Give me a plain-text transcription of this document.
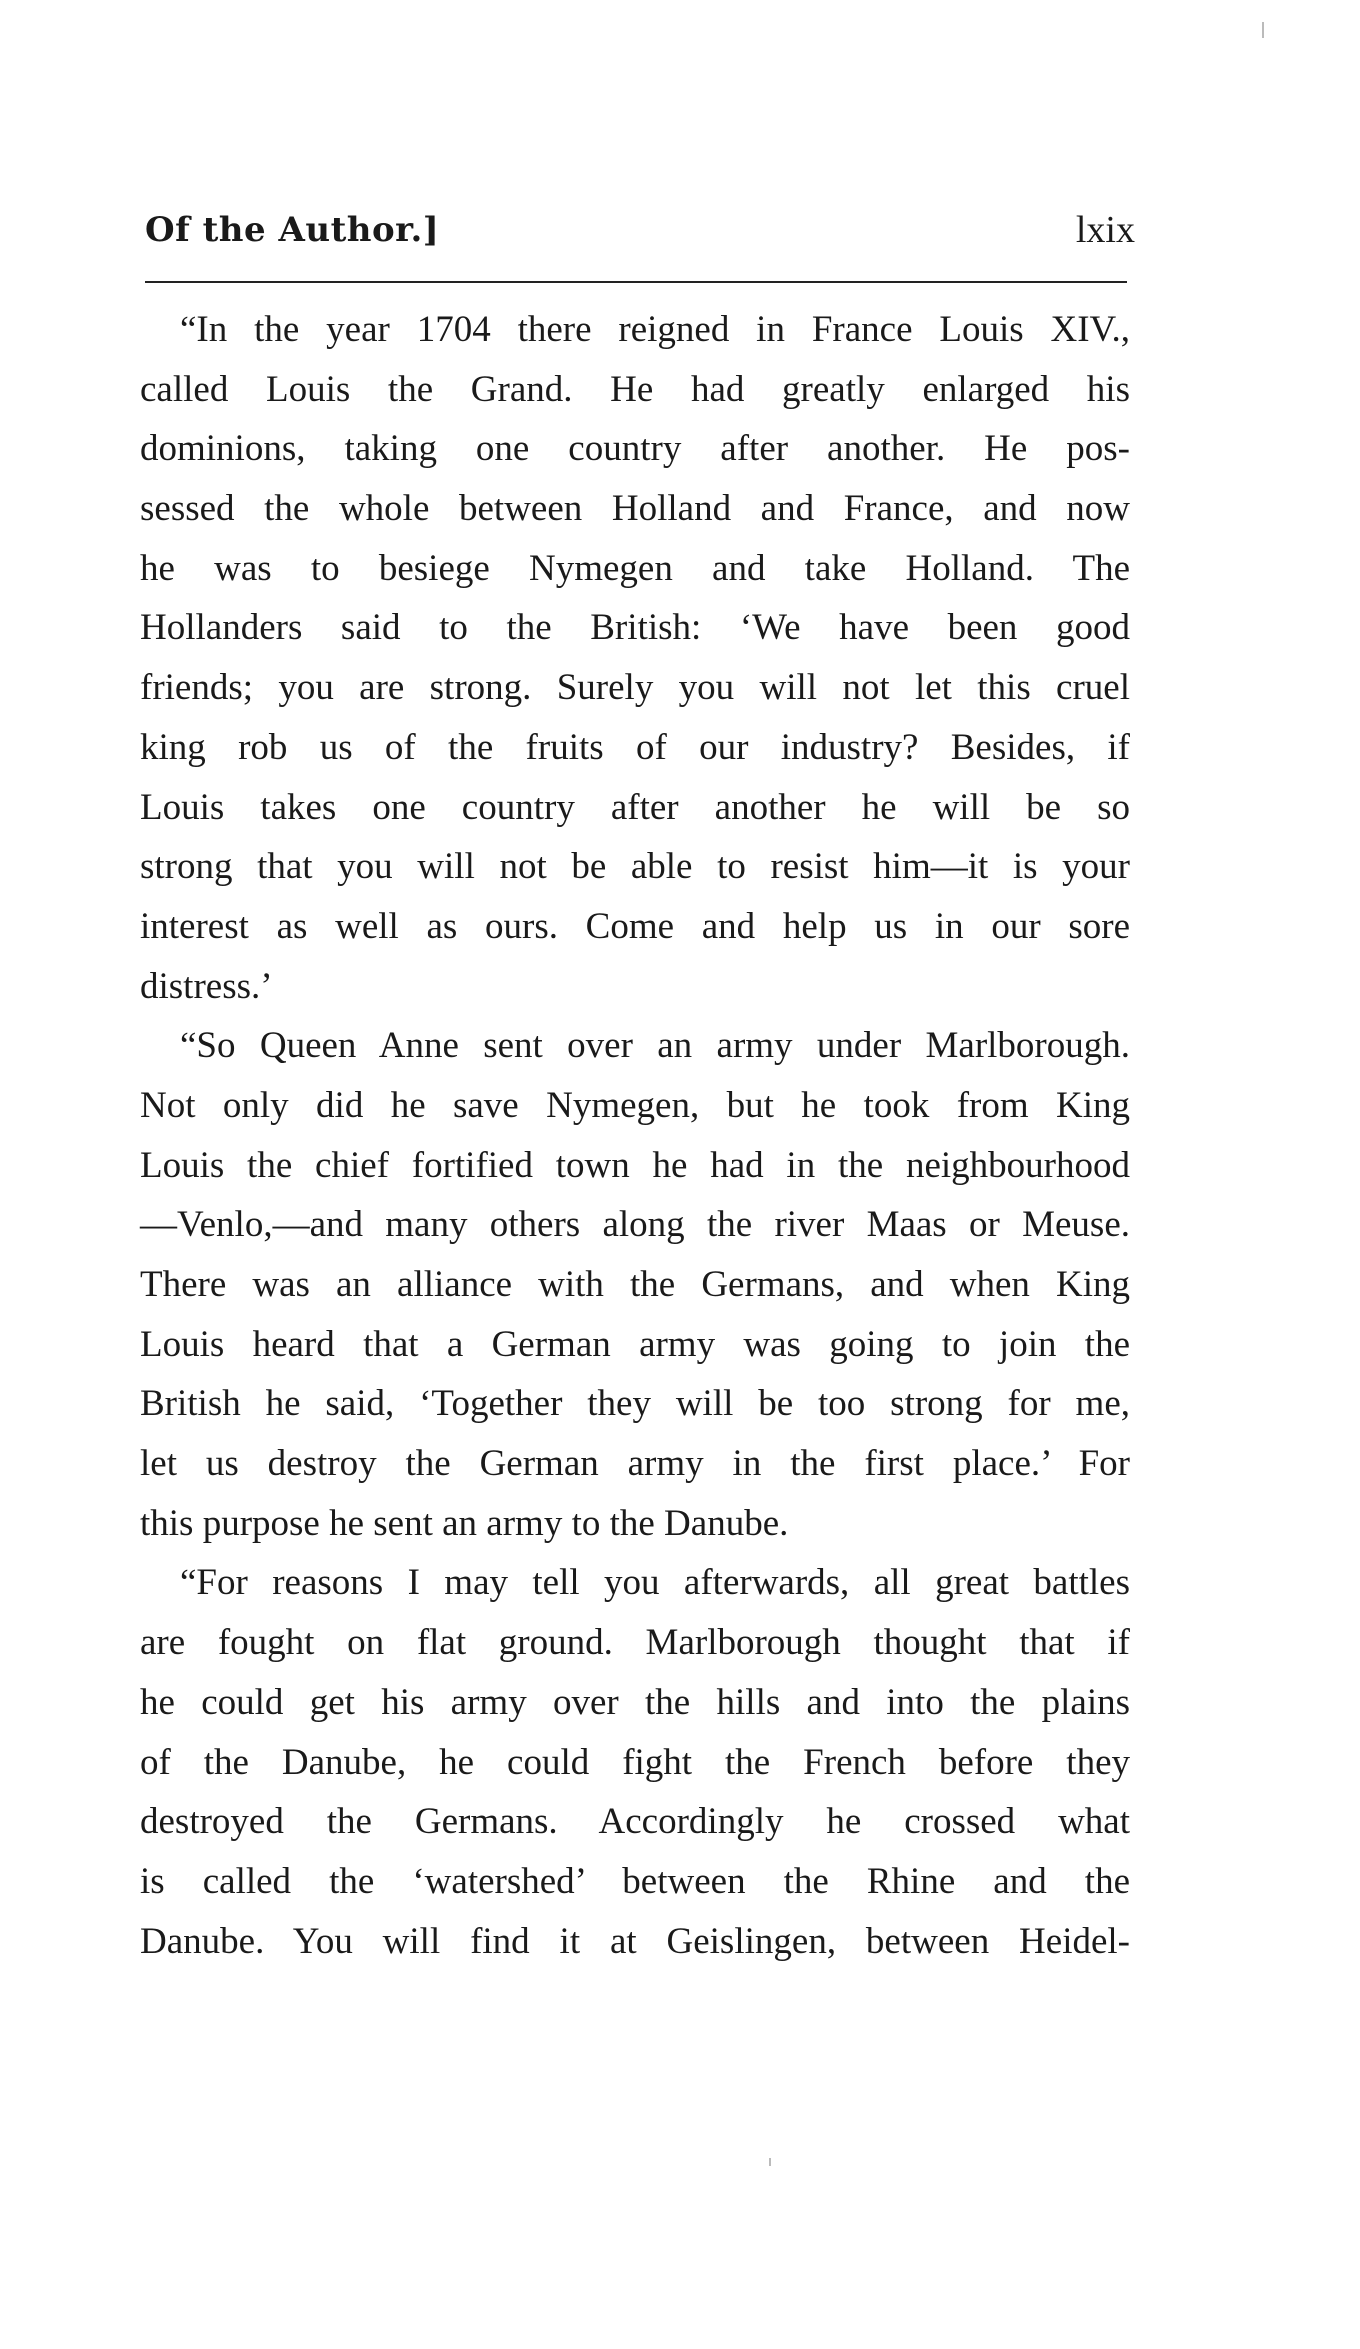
Of the Author.]	lxix
“In the year 1704 there reigned in France Louis XIV.,
called Louis the Grand. He had greatly enlarged his
dominions, taking one country after another. He pos-
sessed the whole between Holland and France, and now
he was to besiege Nymegen and take Holland. The
Hollanders said to the British: ‘We have been good
friends; you are strong. Surely you will not let this cruel
king rob us of the fruits of our industry? Besides, if
Louis takes one country after another he will be so
strong that you will not be able to resist him—it is your
interest as well as ours. Come and help us in our sore
distress.’
“So Queen Anne sent over an army under Marlborough.
Not only did he save Nymegen, but he took from King
Louis the chief fortified town he had in the neighbourhood
—Venlo,—and many others along the river Maas or Meuse.
There was an alliance with the Germans, and when King
Louis heard that a German army was going to join the
British he said, ‘Together they will be too strong for me,
let us destroy the German army in the first place.’ For
this purpose he sent an army to the Danube.
“For reasons I may tell you afterwards, all great battles
are fought on flat ground. Marlborough thought that if
he could get his army over the hills and into the plains
of the Danube, he could fight the French before they
destroyed the Germans. Accordingly he crossed what
is called the ‘watershed’ between the Rhine and the
Danube. You will find it at Geislingen, between Heidel-
